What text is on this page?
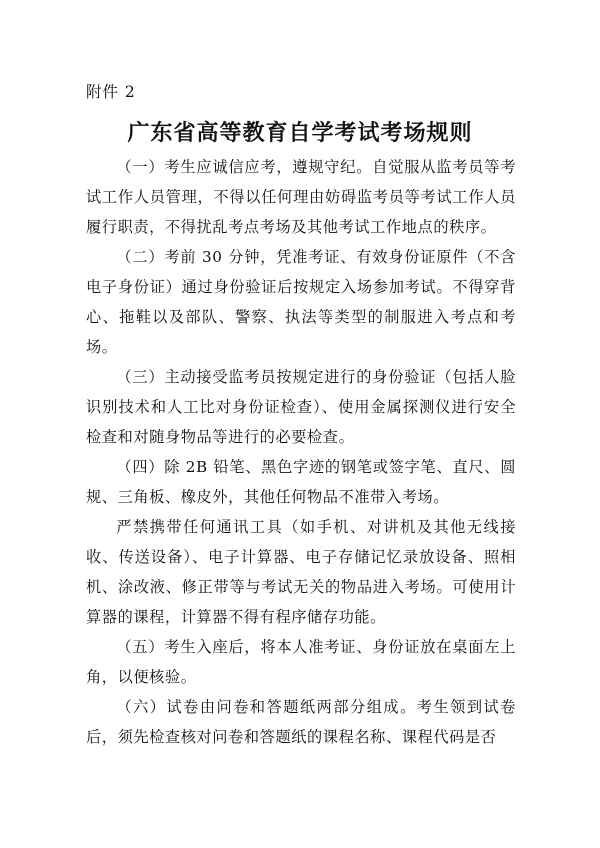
附件 2
广东省高等教育自学考试考场规则

（一）考生应诚信应考，遵规守纪。自觉服从监考员等考试工作人员管理，不得以任何理由妨碍监考员等考试工作人员履行职责，不得扰乱考点考场及其他考试工作地点的秩序。

（二）考前 30 分钟，凭准考证、有效身份证原件（不含电子身份证）通过身份验证后按规定入场参加考试。不得穿背心、拖鞋以及部队、警察、执法等类型的制服进入考点和考场。

（三）主动接受监考员按规定进行的身份验证（包括人脸识别技术和人工比对身份证检查）、使用金属探测仪进行安全检查和对随身物品等进行的必要检查。

（四）除 2B 铅笔、黑色字迹的钢笔或签字笔、直尺、圆规、三角板、橡皮外，其他任何物品不准带入考场。

严禁携带任何通讯工具（如手机、对讲机及其他无线接收、传送设备）、电子计算器、电子存储记忆录放设备、照相机、涂改液、修正带等与考试无关的物品进入考场。可使用计算器的课程，计算器不得有程序储存功能。

（五）考生入座后，将本人准考证、身份证放在桌面左上角，以便核验。

（六）试卷由问卷和答题纸两部分组成。考生领到试卷后，须先检查核对问卷和答题纸的课程名称、课程代码是否
